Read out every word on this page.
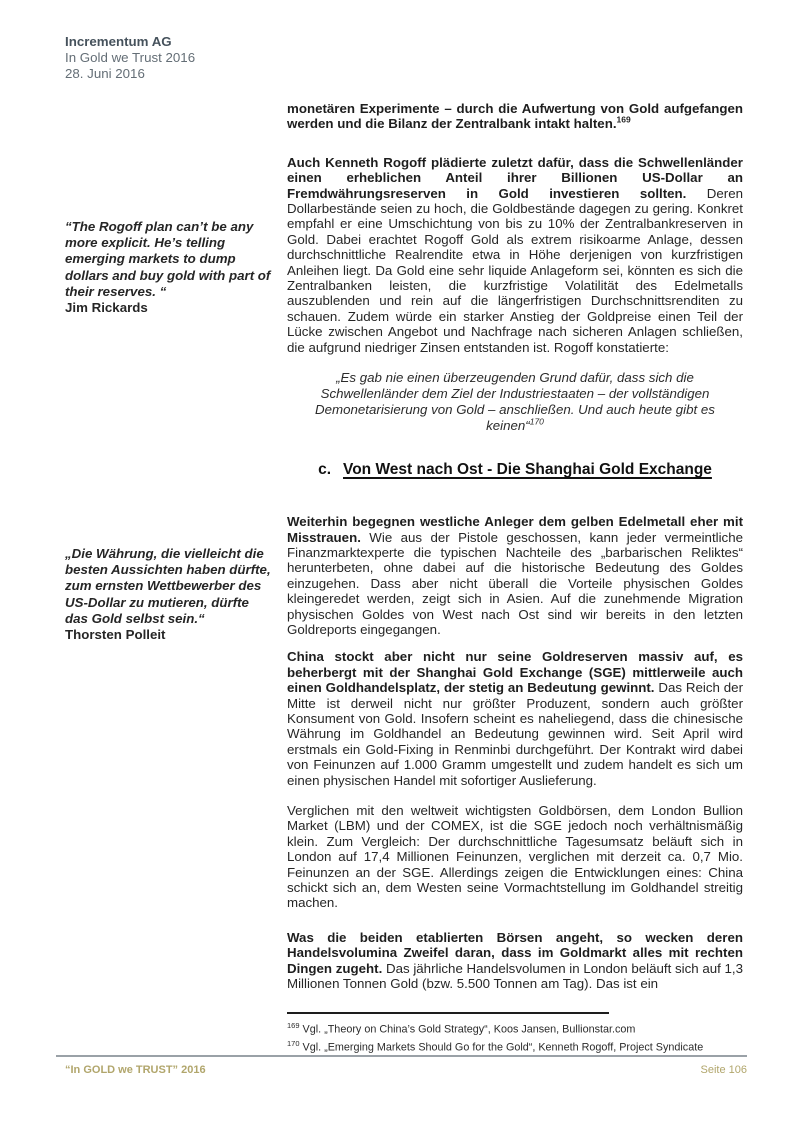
Incrementum AG
In Gold we Trust 2016
28. Juni 2016
“The Rogoff plan can’t be any more explicit. He’s telling emerging markets to dump dollars and buy gold with part of their reserves. “
Jim Rickards
„Die Währung, die vielleicht die besten Aussichten haben dürfte, zum ernsten Wettbewerber des US-Dollar zu mutieren, dürfte das Gold selbst sein.“
Thorsten Polleit

monetären Experimente – durch die Aufwertung von Gold aufgefangen werden und die Bilanz der Zentralbank intakt halten.$^{169}$

Auch Kenneth Rogoff plädierte zuletzt dafür, dass die Schwellenländer einen erheblichen Anteil ihrer Billionen US-Dollar an Fremdwährungsreserven in Gold investieren sollten. Deren Dollarbestände seien zu hoch, die Goldbestände dagegen zu gering. Konkret empfahl er eine Umschichtung von bis zu 10% der Zentralbankreserven in Gold. Dabei erachtet Rogoff Gold als extrem risikoarme Anlage, dessen durchschnittliche Realrendite etwa in Höhe derjenigen von kurzfristigen Anleihen liegt. Da Gold eine sehr liquide Anlageform sei, könnten es sich die Zentralbanken leisten, die kurzfristige Volatilität des Edelmetalls auszublenden und rein auf die längerfristigen Durchschnittsrenditen zu schauen. Zudem würde ein starker Anstieg der Goldpreise einen Teil der Lücke zwischen Angebot und Nachfrage nach sicheren Anlagen schließen, die aufgrund niedriger Zinsen entstanden ist. Rogoff konstatierte:

„Es gab nie einen überzeugenden Grund dafür, dass sich die Schwellenländer dem Ziel der Industriestaaten – der vollständigen Demonetarisierung von Gold – anschließen. Und auch heute gibt es keinen“$^{170}$
c. Von West nach Ost - Die Shanghai Gold Exchange

Weiterhin begegnen westliche Anleger dem gelben Edelmetall eher mit Misstrauen. Wie aus der Pistole geschossen, kann jeder vermeintliche Finanzmarktexperte die typischen Nachteile des „barbarischen Reliktes“ herunterbeten, ohne dabei auf die historische Bedeutung des Goldes einzugehen. Dass aber nicht überall die Vorteile physischen Goldes kleingeredet werden, zeigt sich in Asien. Auf die zunehmende Migration physischen Goldes von West nach Ost sind wir bereits in den letzten Goldreports eingegangen.

China stockt aber nicht nur seine Goldreserven massiv auf, es beherbergt mit der Shanghai Gold Exchange (SGE) mittlerweile auch einen Goldhandelsplatz, der stetig an Bedeutung gewinnt. Das Reich der Mitte ist derweil nicht nur größter Produzent, sondern auch größter Konsument von Gold. Insofern scheint es naheliegend, dass die chinesische Währung im Goldhandel an Bedeutung gewinnen wird. Seit April wird erstmals ein Gold-Fixing in Renminbi durchgeführt. Der Kontrakt wird dabei von Feinunzen auf 1.000 Gramm umgestellt und zudem handelt es sich um einen physischen Handel mit sofortiger Auslieferung.

Verglichen mit den weltweit wichtigsten Goldbörsen, dem London Bullion Market (LBM) und der COMEX, ist die SGE jedoch noch verhältnismäßig klein. Zum Vergleich: Der durchschnittliche Tagesumsatz beläuft sich in London auf 17,4 Millionen Feinunzen, verglichen mit derzeit ca. 0,7 Mio. Feinunzen an der SGE. Allerdings zeigen die Entwicklungen eines: China schickt sich an, dem Westen seine Vormachtstellung im Goldhandel streitig machen.

Was die beiden etablierten Börsen angeht, so wecken deren Handelsvolumina Zweifel daran, dass im Goldmarkt alles mit rechten Dingen zugeht. Das jährliche Handelsvolumen in London beläuft sich auf 1,3 Millionen Tonnen Gold (bzw. 5.500 Tonnen am Tag). Das ist ein

$^{169}$ Vgl. „Theory on China’s Gold Strategy“, Koos Jansen, Bullionstar.com
$^{170}$ Vgl. „Emerging Markets Should Go for the Gold“, Kenneth Rogoff, Project Syndicate
“In GOLD we TRUST” 2016	Seite 106
